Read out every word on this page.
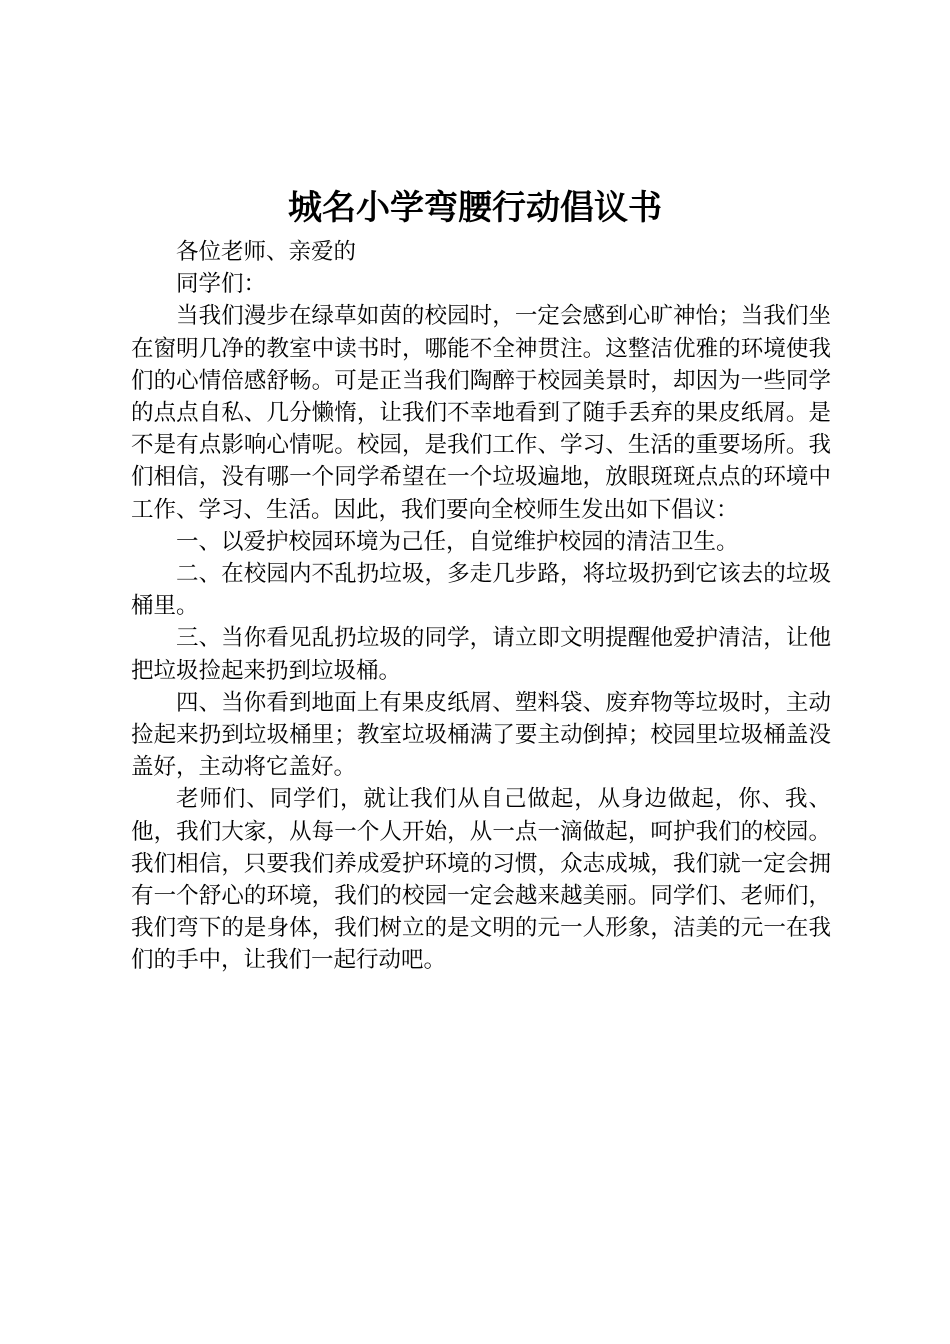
城名小学弯腰行动倡议书

各位老师、亲爱的

同学们：

当我们漫步在绿草如茵的校园时，一定会感到心旷神怡；当我们坐在窗明几净的教室中读书时，哪能不全神贯注。这整洁优雅的环境使我们的心情倍感舒畅。可是正当我们陶醉于校园美景时，却因为一些同学的点点自私、几分懒惰，让我们不幸地看到了随手丢弃的果皮纸屑。是不是有点影响心情呢。校园，是我们工作、学习、生活的重要场所。我们相信，没有哪一个同学希望在一个垃圾遍地，放眼斑斑点点的环境中工作、学习、生活。因此，我们要向全校师生发出如下倡议：

一、以爱护校园环境为己任，自觉维护校园的清洁卫生。

二、在校园内不乱扔垃圾，多走几步路，将垃圾扔到它该去的垃圾桶里。

三、当你看见乱扔垃圾的同学，请立即文明提醒他爱护清洁，让他把垃圾捡起来扔到垃圾桶。

四、当你看到地面上有果皮纸屑、塑料袋、废弃物等垃圾时，主动捡起来扔到垃圾桶里；教室垃圾桶满了要主动倒掉；校园里垃圾桶盖没盖好，主动将它盖好。

老师们、同学们，就让我们从自己做起，从身边做起，你、我、他，我们大家，从每一个人开始，从一点一滴做起，呵护我们的校园。我们相信，只要我们养成爱护环境的习惯，众志成城，我们就一定会拥有一个舒心的环境，我们的校园一定会越来越美丽。同学们、老师们，我们弯下的是身体，我们树立的是文明的元一人形象，洁美的元一在我们的手中，让我们一起行动吧。
